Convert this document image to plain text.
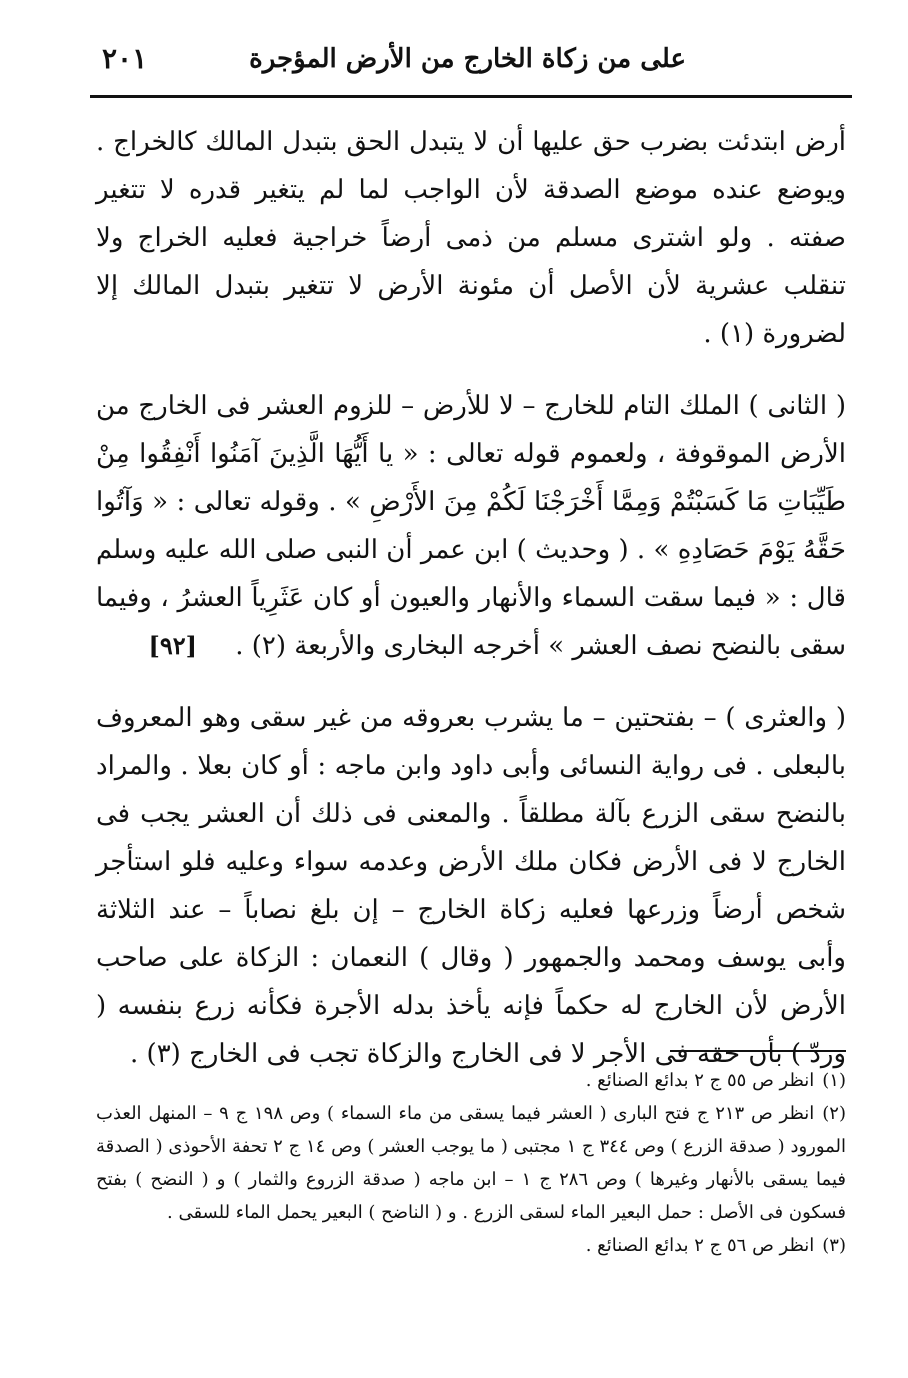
٢٠١	على من زكاة الخارج من الأرض المؤجرة

أرض ابتدئت بضرب حق عليها أن لا يتبدل الحق بتبدل المالك كالخراج . ويوضع عنده موضع الصدقة لأن الواجب لما لم يتغير قدره لا تتغير صفته . ولو اشترى مسلم من ذمى أرضاً خراجية فعليه الخراج ولا تنقلب عشرية لأن الأصل أن مئونة الأرض لا تتغير بتبدل المالك إلا لضرورة (١) .

( الثانى ) الملك التام للخارج – لا للأرض – للزوم العشر فى الخارج من الأرض الموقوفة ، ولعموم قوله تعالى : « يا أَيُّهَا الَّذِينَ آمَنُوا أَنْفِقُوا مِنْ طَيِّبَاتِ مَا كَسَبْتُمْ وَمِمَّا أَخْرَجْنَا لَكُمْ مِنَ الأَرْضِ » . وقوله تعالى : « وَآتُوا حَقَّهُ يَوْمَ حَصَادِهِ » . ( وحديث ) ابن عمر أن النبى صلى الله عليه وسلم قال : « فيما سقت السماء والأنهار والعيون أو كان عَثَرِياً العشرُ ، وفيما سقى بالنضح نصف العشر » أخرجه البخارى والأربعة (٢) . [٩٢]

( والعثرى ) – بفتحتين – ما يشرب بعروقه من غير سقى وهو المعروف بالبعلى . فى رواية النسائى وأبى داود وابن ماجه : أو كان بعلا . والمراد بالنضح سقى الزرع بآلة مطلقاً . والمعنى فى ذلك أن العشر يجب فى الخارج لا فى الأرض فكان ملك الأرض وعدمه سواء وعليه فلو استأجر شخص أرضاً وزرعها فعليه زكاة الخارج – إن بلغ نصاباً – عند الثلاثة وأبى يوسف ومحمد والجمهور ( وقال ) النعمان : الزكاة على صاحب الأرض لأن الخارج له حكماً فإنه يأخذ بدله الأجرة فكأنه زرع بنفسه ( وردّ ) بأن حقه فى الأجر لا فى الخارج والزكاة تجب فى الخارج (٣) .

(١)انظر ص ٥٥ ج ٢ بدائع الصنائع .

(٢)انظر ص ٢١٣ ج فتح البارى ( العشر فيما يسقى من ماء السماء ) وص ١٩٨ ج ٩ – المنهل العذب المورود ( صدقة الزرع ) وص ٣٤٤ ج ١ مجتبى ( ما يوجب العشر ) وص ١٤ ج ٢ تحفة الأحوذى ( الصدقة فيما يسقى بالأنهار وغيرها ) وص ٢٨٦ ج ١ – ابن ماجه ( صدقة الزروع والثمار ) و ( النضح ) بفتح فسكون فى الأصل : حمل البعير الماء لسقى الزرع . و ( الناضح ) البعير يحمل الماء للسقى .

(٣)انظر ص ٥٦ ج ٢ بدائع الصنائع .
